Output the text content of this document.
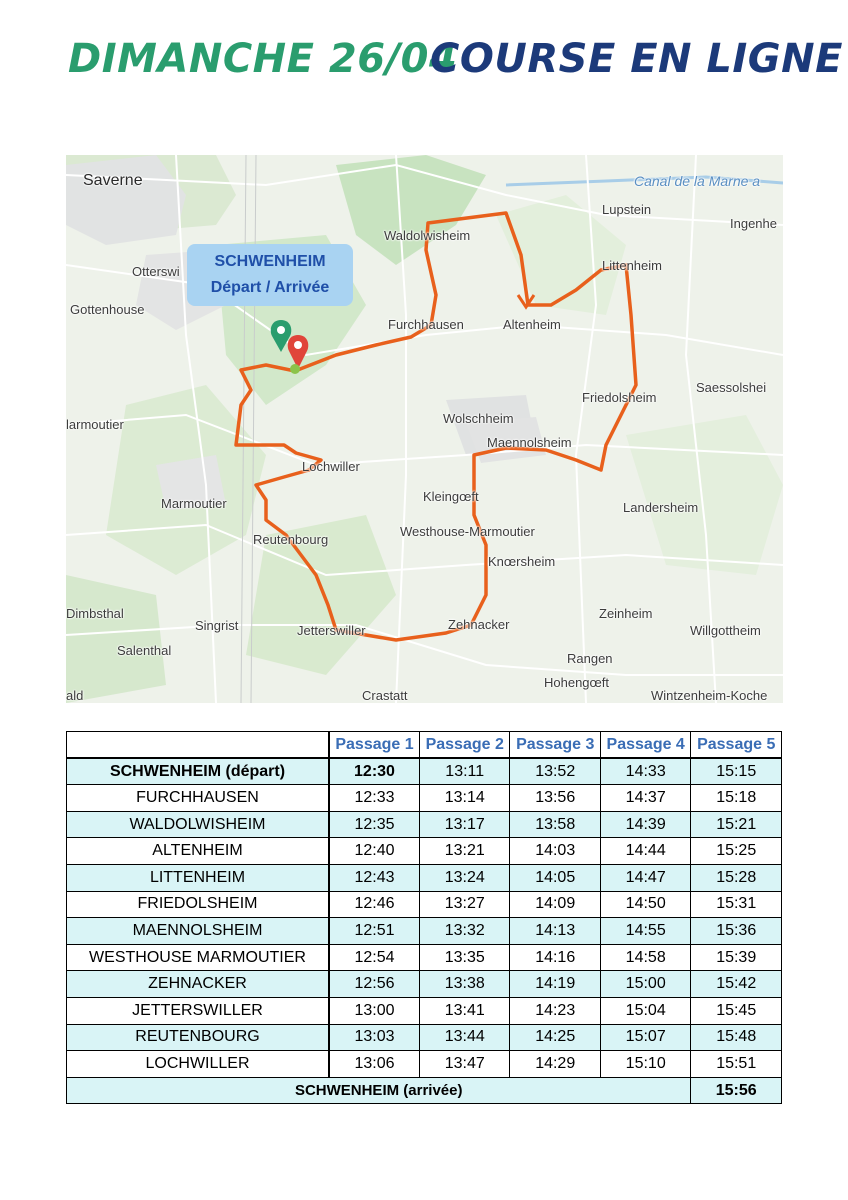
DIMANCHE 26/04
COURSE EN LIGNE
SCHWENHEIM
Départ / Arrivée
Saverne	Canal de la Marne a
Lupstein
Ingenhe
Waldolwisheim
Littenheim
Otterswi
Gottenhouse
Furchhausen	Altenheim
Saessolshei
Friedolsheim
larmoutier	Wolschheim
Maennolsheim
Lochwiller
Marmoutier	Kleingœft
Landersheim
Westhouse-Marmoutier
Reutenbourg
Knœrsheim
Dimbsthal	Zeinheim
Singrist	Jetterswiller	Zehnacker	Willgottheim
Salenthal
Rangen
Hohengœft
ald	Crastatt	Wintzenheim-Koche
	Passage 1	Passage 2	Passage 3	Passage 4	Passage 5
SCHWENHEIM (départ)	12:30	13:11	13:52	14:33	15:15
FURCHHAUSEN	12:33	13:14	13:56	14:37	15:18
WALDOLWISHEIM	12:35	13:17	13:58	14:39	15:21
ALTENHEIM	12:40	13:21	14:03	14:44	15:25
LITTENHEIM	12:43	13:24	14:05	14:47	15:28
FRIEDOLSHEIM	12:46	13:27	14:09	14:50	15:31
MAENNOLSHEIM	12:51	13:32	14:13	14:55	15:36
WESTHOUSE MARMOUTIER	12:54	13:35	14:16	14:58	15:39
ZEHNACKER	12:56	13:38	14:19	15:00	15:42
JETTERSWILLER	13:00	13:41	14:23	15:04	15:45
REUTENBOURG	13:03	13:44	14:25	15:07	15:48
LOCHWILLER	13:06	13:47	14:29	15:10	15:51
SCHWENHEIM (arrivée)					15:56
